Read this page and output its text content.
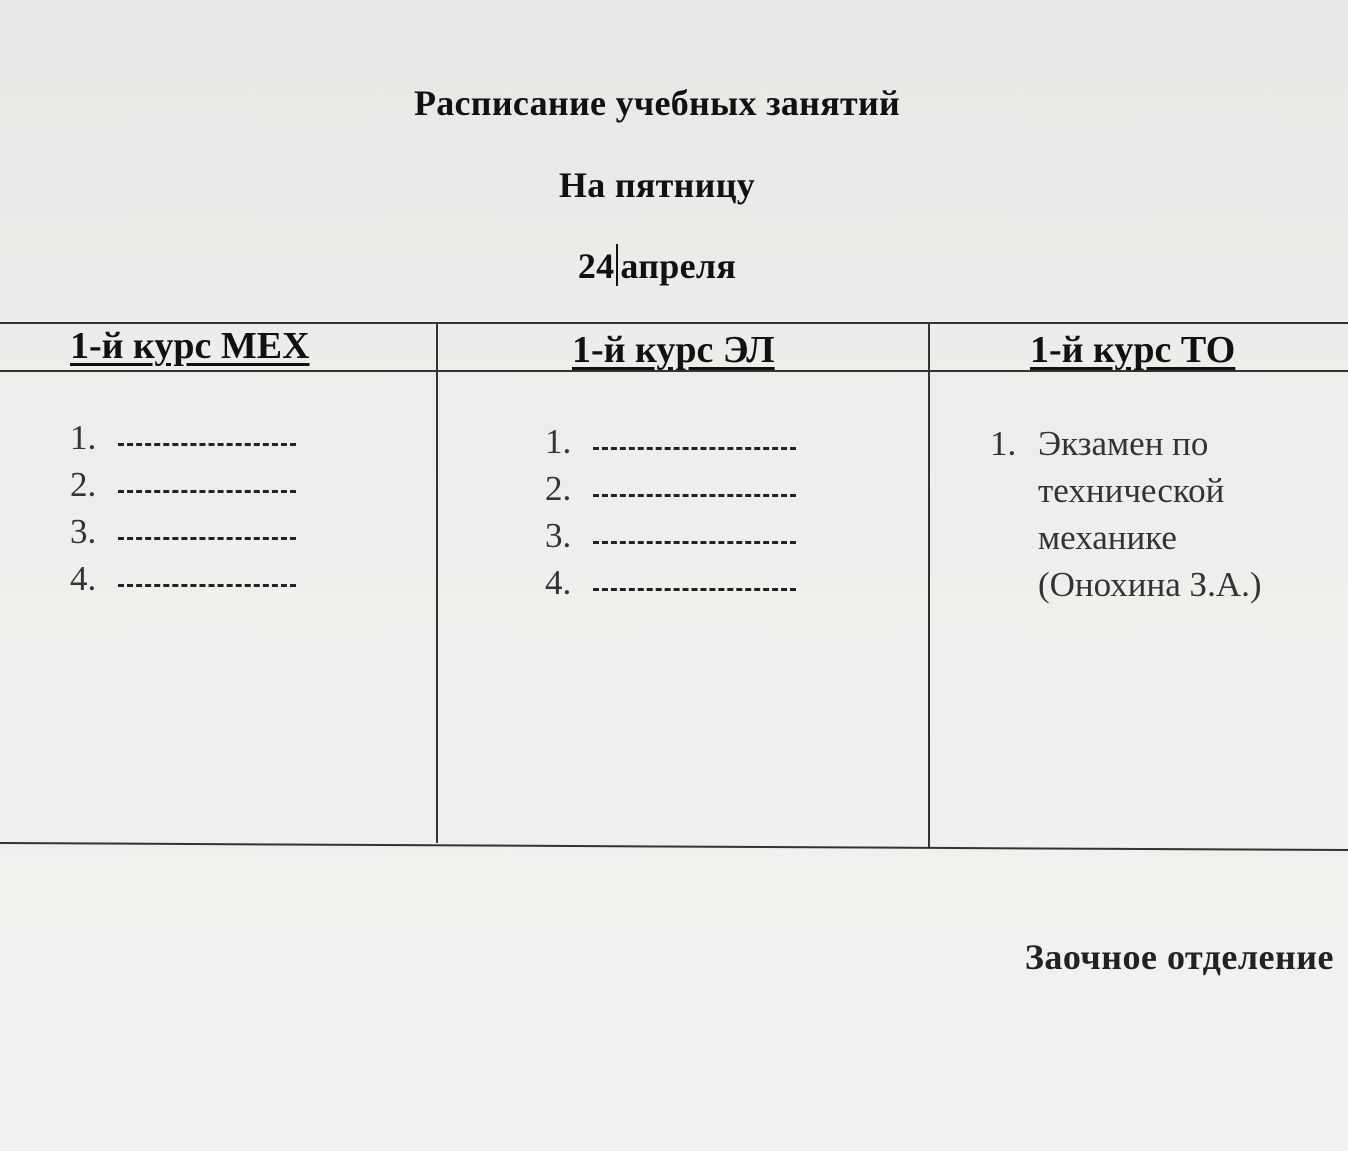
Расписание учебных занятий
На пятницу
24 апреля
1-й курс МЕХ	1-й курс ЭЛ	1-й курс ТО
1.
2.
3.
4.
1.
2.
3.
4.
1. Экзамен по
технической
механике
(Онохина З.А.)
Заочное отделение
